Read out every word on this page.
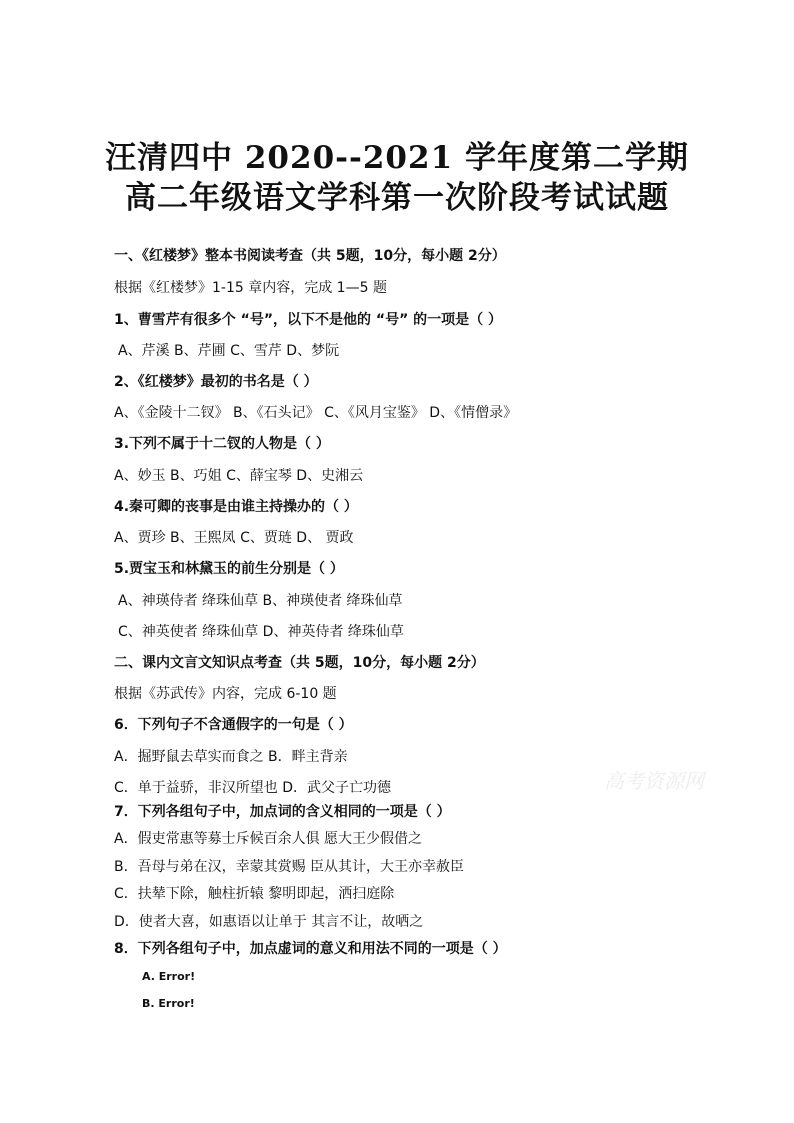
汪清四中 2020--2021 学年度第二学期
高二年级语文学科第一次阶段考试试题
一、《红楼梦》整本书阅读考查（共 5题，10分，每小题 2分）
根据《红楼梦》1-15 章内容，完成 1—5 题
1、曹雪芹有很多个 “号”，以下不是他的 “号” 的一项是（ ）
A、芹溪 B、芹圃 C、雪芹 D、梦阮
2、《红楼梦》最初的书名是（ ）
A、《金陵十二钗》 B、《石头记》 C、《风月宝鉴》 D、《情僧录》
3.下列不属于十二钗的人物是（ ）
A、妙玉 B、巧姐 C、薛宝琴 D、史湘云
4.秦可卿的丧事是由谁主持操办的（ ）
A、贾珍 B、王熙凤 C、贾琏 D、 贾政
5.贾宝玉和林黛玉的前生分别是（ ）
A、神瑛侍者 绛珠仙草 B、神瑛使者 绛珠仙草
C、神英使者 绛珠仙草 D、神英侍者 绛珠仙草
二、课内文言文知识点考查（共 5题，10分，每小题 2分）
根据《苏武传》内容，完成 6-10 题
6．下列句子不含通假字的一句是（ ）
A．掘野鼠去草实而食之 B．畔主背亲
C．单于益骄，非汉所望也 D．武父子亡功德
7．下列各组句子中，加点词的含义相同的一项是（ ）
A．假吏常惠等募士斥候百余人俱 愿大王少假借之
B．吾母与弟在汉，幸蒙其赏赐 臣从其计，大王亦幸赦臣
C．扶辇下除，触柱折辕 黎明即起，洒扫庭除
D．使者大喜，如惠语以让单于 其言不让，故哂之
8．下列各组句子中，加点虚词的意义和用法不同的一项是（ ）
A. Error!
B. Error!
高考资源网
